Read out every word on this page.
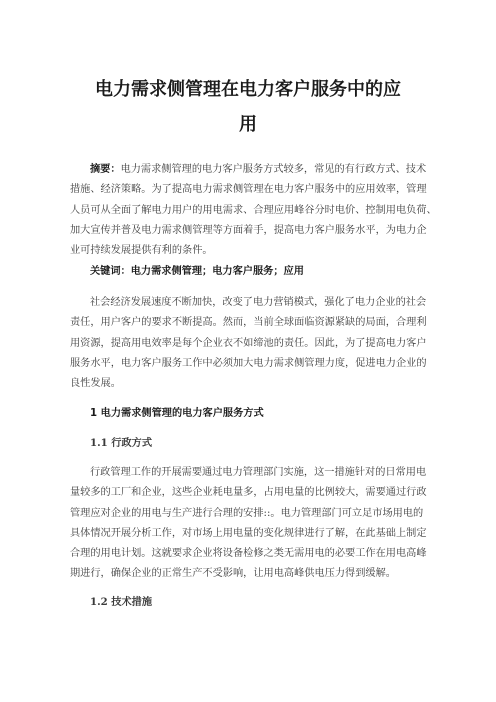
电力需求侧管理在电力客户服务中的应
用
摘要：电力需求侧管理的电力客户服务方式较多，常见的有行政方式、技术
措施、经济策略。为了提高电力需求侧管理在电力客户服务中的应用效率，管理
人员可从全面了解电力用户的用电需求、合理应用峰谷分时电价、控制用电负荷、
加大宣传并普及电力需求侧管理等方面着手，提高电力客户服务水平，为电力企
业可持续发展提供有利的条件。
关键词：电力需求侧管理；电力客户服务；应用
社会经济发展速度不断加快，改变了电力营销模式，强化了电力企业的社会
责任，用户客户的要求不断提高。然而，当前全球面临资源紧缺的局面，合理利
用资源，提高用电效率是每个企业衣不如缔池的责任。因此，为了提高电力客户
服务水平，电力客户服务工作中必须加大电力需求侧管理力度，促进电力企业的
良性发展。
1 电力需求侧管理的电力客户服务方式
1.1 行政方式
行政管理工作的开展需要通过电力管理部门实施，这一措施针对的日常用电
量较多的工厂和企业，这些企业耗电量多，占用电量的比例较大，需要通过行政
管理应对企业的用电与生产进行合理的安排::。电力管理部门可立足市场用电的
具体情况开展分析工作，对市场上用电量的变化规律进行了解，在此基础上制定
合理的用电计划。这就要求企业将设备检修之类无需用电的必要工作在用电高峰
期进行，确保企业的正常生产不受影响，让用电高峰供电压力得到缓解。
1.2 技术措施
